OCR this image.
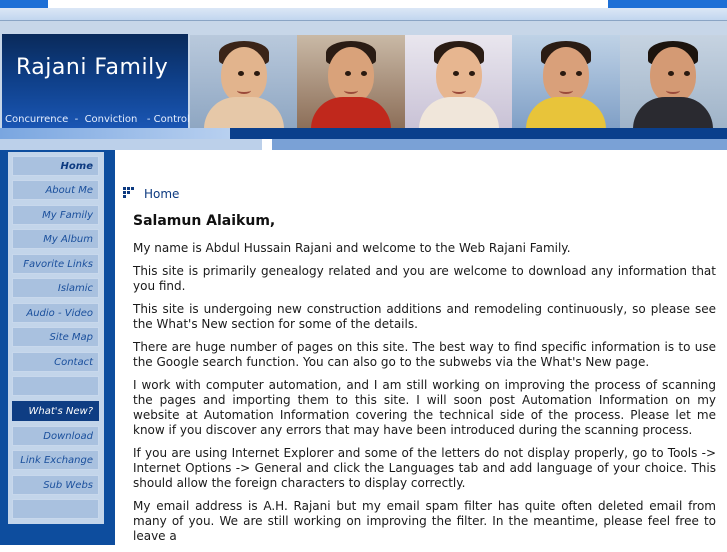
Rajani Family
Concurrence  -  Conviction   - Control
Home
About Me
My Family
My Album
Favorite Links
Islamic
Audio - Video
Site Map
Contact
What's New?
Download
Link Exchange
Sub Webs
Home
Salamun Alaikum,

My name is Abdul Hussain Rajani and welcome to the Web Rajani Family.

This site is primarily genealogy related and you are welcome to download any information that you find.

This site is undergoing new construction additions and remodeling continuously, so please see the What's New section for some of the details.

There are huge number of pages on this site. The best way to find specific information is to use the Google search function. You can also go to the subwebs via the What's New page.

I work with computer automation, and I am still working on improving the process of scanning the pages and importing them to this site. I will soon post Automation Information on my website at Automation Information covering the technical side of the process. Please let me know if you discover any errors that may have been introduced during the scanning process.

If you are using Internet Explorer and some of the letters do not display properly, go to Tools -> Internet Options -> General and click the Languages tab and add language of your choice. This should allow the foreign characters to display correctly.

My email address is A.H. Rajani but my email spam filter has quite often deleted email from many of you. We are still working on improving the filter. In the meantime, please feel free to leave a
